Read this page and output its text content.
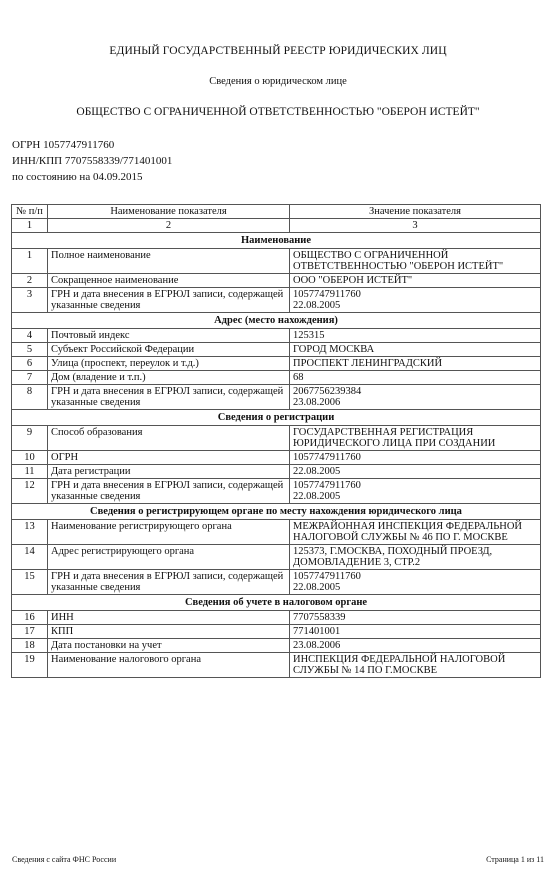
ЕДИНЫЙ ГОСУДАРСТВЕННЫЙ РЕЕСТР ЮРИДИЧЕСКИХ ЛИЦ
Сведения о юридическом лице
ОБЩЕСТВО С ОГРАНИЧЕННОЙ ОТВЕТСТВЕННОСТЬЮ "ОБЕРОН ИСТЕЙТ"
ОГРН 1057747911760
ИНН/КПП 7707558339/771401001
по состоянию на 04.09.2015
№ п/п	Наименование показателя	Значение показателя
1	2	3
Наименование		
1	Полное наименование	ОБЩЕСТВО С ОГРАНИЧЕННОЙ ОТВЕТСТВЕННОСТЬЮ "ОБЕРОН ИСТЕЙТ"
2	Сокращенное наименование	ООО "ОБЕРОН ИСТЕЙТ"
3	ГРН и дата внесения в ЕГРЮЛ записи, содержащей указанные сведения	1057747911760
22.08.2005
Адрес (место нахождения)		
4	Почтовый индекс	125315
5	Субъект Российской Федерации	ГОРОД МОСКВА
6	Улица (проспект, переулок и т.д.)	ПРОСПЕКТ ЛЕНИНГРАДСКИЙ
7	Дом (владение и т.п.)	68
8	ГРН и дата внесения в ЕГРЮЛ записи, содержащей указанные сведения	2067756239384
23.08.2006
Сведения о регистрации		
9	Способ образования	ГОСУДАРСТВЕННАЯ РЕГИСТРАЦИЯ ЮРИДИЧЕСКОГО ЛИЦА ПРИ СОЗДАНИИ
10	ОГРН	1057747911760
11	Дата регистрации	22.08.2005
12	ГРН и дата внесения в ЕГРЮЛ записи, содержащей указанные сведения	1057747911760
22.08.2005
Сведения о регистрирующем органе по месту нахождения юридического лица		
13	Наименование регистрирующего органа	МЕЖРАЙОННАЯ ИНСПЕКЦИЯ ФЕДЕРАЛЬНОЙ НАЛОГОВОЙ СЛУЖБЫ № 46 ПО Г. МОСКВЕ
14	Адрес регистрирующего органа	125373, Г.МОСКВА, ПОХОДНЫЙ ПРОЕЗД, ДОМОВЛАДЕНИЕ 3, СТР.2
15	ГРН и дата внесения в ЕГРЮЛ записи, содержащей указанные сведения	1057747911760
22.08.2005
Сведения об учете в налоговом органе		
16	ИНН	7707558339
17	КПП	771401001
18	Дата постановки на учет	23.08.2006
19	Наименование налогового органа	ИНСПЕКЦИЯ ФЕДЕРАЛЬНОЙ НАЛОГОВОЙ СЛУЖБЫ № 14 ПО Г.МОСКВЕ
Сведения с сайта ФНС России	Страница 1 из 11
